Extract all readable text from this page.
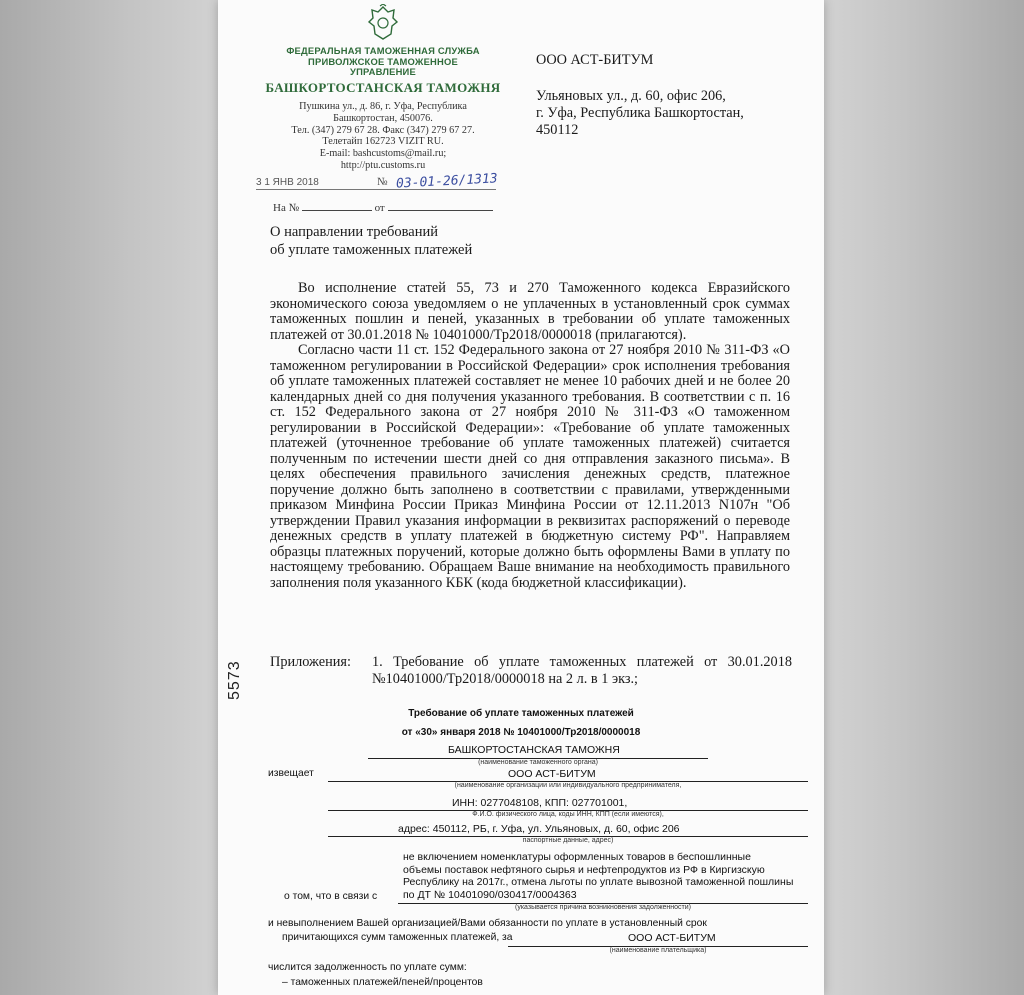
ФЕДЕРАЛЬНАЯ ТАМОЖЕННАЯ СЛУЖБА
ПРИВОЛЖСКОЕ ТАМОЖЕННОЕ
УПРАВЛЕНИЕ
БАШКОРТОСТАНСКАЯ ТАМОЖНЯ
Пушкина ул., д. 86, г. Уфа, Республика
Башкортостан, 450076.
Тел. (347) 279 67 28. Факс (347) 279 67 27.
Телетайп 162723 VIZIT RU.
E-mail: bashcustoms@mail.ru;
http://ptu.customs.ru
3 1 ЯНВ 2018	№ 03-01-26/1313
На №	от
ООО АСТ-БИТУМ
Ульяновых ул., д. 60, офис 206,
г. Уфа, Республика Башкортостан,
450112
О направлении требований
об уплате таможенных платежей

Во исполнение статей 55, 73 и 270 Таможенного кодекса Евразийского экономического союза уведомляем о не уплаченных в установленный срок суммах таможенных пошлин и пеней, указанных в требовании об уплате таможенных платежей от 30.01.2018 № 10401000/Тр2018/0000018 (прилагаются).

Согласно части 11 ст. 152 Федерального закона от 27 ноября 2010 № 311-ФЗ «О таможенном регулировании в Российской Федерации» срок исполнения требования об уплате таможенных платежей составляет не менее 10 рабочих дней и не более 20 календарных дней со дня получения указанного требования. В соответствии с п. 16 ст. 152 Федерального закона от 27 ноября 2010 № 311-ФЗ «О таможенном регулировании в Российской Федерации»: «Требование об уплате таможенных платежей (уточненное требование об уплате таможенных платежей) считается полученным по истечении шести дней со дня отправления заказного письма». В целях обеспечения правильного зачисления денежных средств, платежное поручение должно быть заполнено в соответствии с правилами, утвержденными приказом Минфина России Приказ Минфина России от 12.11.2013 N107н "Об утверждении Правил указания информации в реквизитах распоряжений о переводе денежных средств в уплату платежей в бюджетную систему РФ". Направляем образцы платежных поручений, которые должно быть оформлены Вами в уплату по настоящему требованию. Обращаем Ваше внимание на необходимость правильного заполнения поля указанного КБК (кода бюджетной классификации).

5573 Приложения: 1. Требование об уплате таможенных платежей от 30.01.2018 №10401000/Тр2018/0000018 на 2 л. в 1 экз.;
Требование об уплате таможенных платежей
от «30» января 2018 № 10401000/Тр2018/0000018
БАШКОРТОСТАНСКАЯ ТАМОЖНЯ
(наименование таможенного органа)
извещает	ООО АСТ-БИТУМ
(наименование организации или индивидуального предпринимателя,
ИНН: 0277048108, КПП: 027701001,
Ф.И.О. физического лица, коды ИНН, КПП (если имеются),
адрес: 450112, РБ, г. Уфа, ул. Ульяновых, д. 60, офис 206
паспортные данные, адрес)
не включением номенклатуры оформленных товаров в беспошлинные
объемы поставок нефтяного сырья и нефтепродуктов из РФ в Киргизскую
Республику на 2017г., отмена льготы по уплате вывозной таможенной пошлины
по ДТ № 10401090/030417/0004363
о том, что в связи с
(указывается причина возникновения задолженности)
и невыполнением Вашей организацией/Вами обязанности по уплате в установленный срок
причитающихся сумм таможенных платежей, за	ООО АСТ-БИТУМ
(наименование плательщика)
числится задолженность по уплате сумм:
– таможенных платежей/пеней/процентов
